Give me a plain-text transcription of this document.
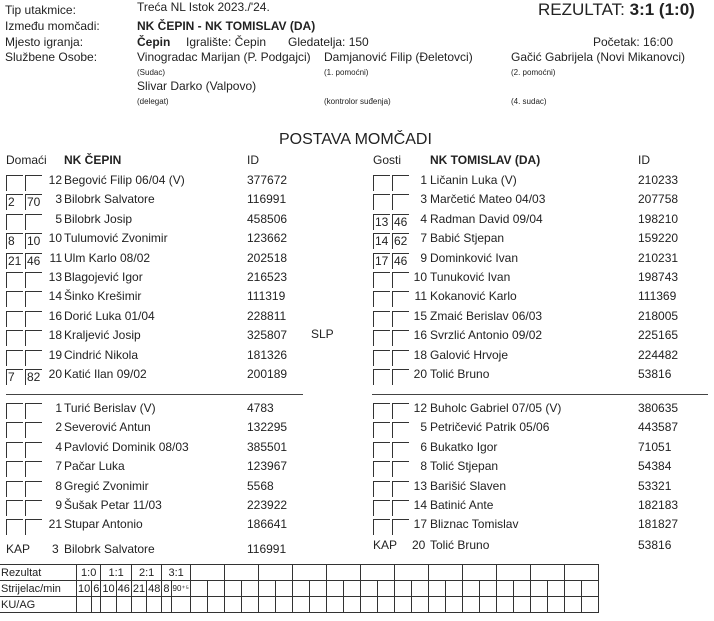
Tip utakmice:	Treća NL Istok 2023./'24.	REZULTAT: 3:1 (1:0)
Između momčadi:	NK ČEPIN - NK TOMISLAV (DA)
Mjesto igranja:	Čepin Igralište: Čepin Gledatelja: 150	Početak: 16:00
Službene Osobe:	Vinogradac Marijan (P. Podgajci)
(Sudac)
Damjanović Filip (Đeletovci)
(1. pomoćni)
Gačić Gabrijela (Novi Mikanovci)
(2. pomoćni)
Slivar Darko (Valpovo)
(delegat)	(kontrolor suđenja)	(4. sudac)
POSTAVA MOMČADI
Domaći NK ČEPIN	ID	Gosti NK TOMISLAV (DA)	ID
SLP
12 Begović Filip 06/04 (V)	377672
2	70 3 Bilobrk Salvatore	116991
5 Bilobrk Josip	458506
8	10 10 Tulumović Zvonimir	123662
21 46 11 Ulm Karlo 08/02	202518
13 Blagojević Igor	216523
14 Šinko Krešimir	111319
16 Dorić Luka 01/04	228811
18 Kraljević Josip	325807
19 Cindrić Nikola	181326
7	82 20 Katić Ilan 09/02	200189
1 Ličanin Luka (V)	210233
3 Marčetić Mateo 04/03	207758
13 46 4 Radman David 09/04	198210
14 62 7 Babić Stjepan	159220
17 46 9 Dominković Ivan	210231
10 Tunuković Ivan	198743
11 Kokanović Karlo	111369
15 Zmaić Berislav 06/03	218005
16 Svrzlić Antonio 09/02	225165
18 Galović Hrvoje	224482
20 Tolić Bruno	53816
1 Turić Berislav (V)	4783
2 Severović Antun	132295
4 Pavlović Dominik 08/03	385501
7 Pačar Luka	123967
8 Gregić Zvonimir	5568
9 Šušak Petar 11/03	223922
21 Stupar Antonio	186641
12 Buholc Gabriel 07/05 (V)	380635
5 Petričević Patrik 05/06	443587
6 Bukatko Igor	71051
8 Tolić Stjepan	54384
13 Barišić Slaven	53321
14 Batinić Ante	182183
17 Bliznac Tomislav	181827
KAP 3 Bilobrk Salvatore	116991	KAP 20 Tolić Bruno	53816
Rezultat	1:0		1:1		2:1		3:1																									
Strijelac/min	10	6	10	46	21	48	8	90⁺⁵																								
KU/AG																																
